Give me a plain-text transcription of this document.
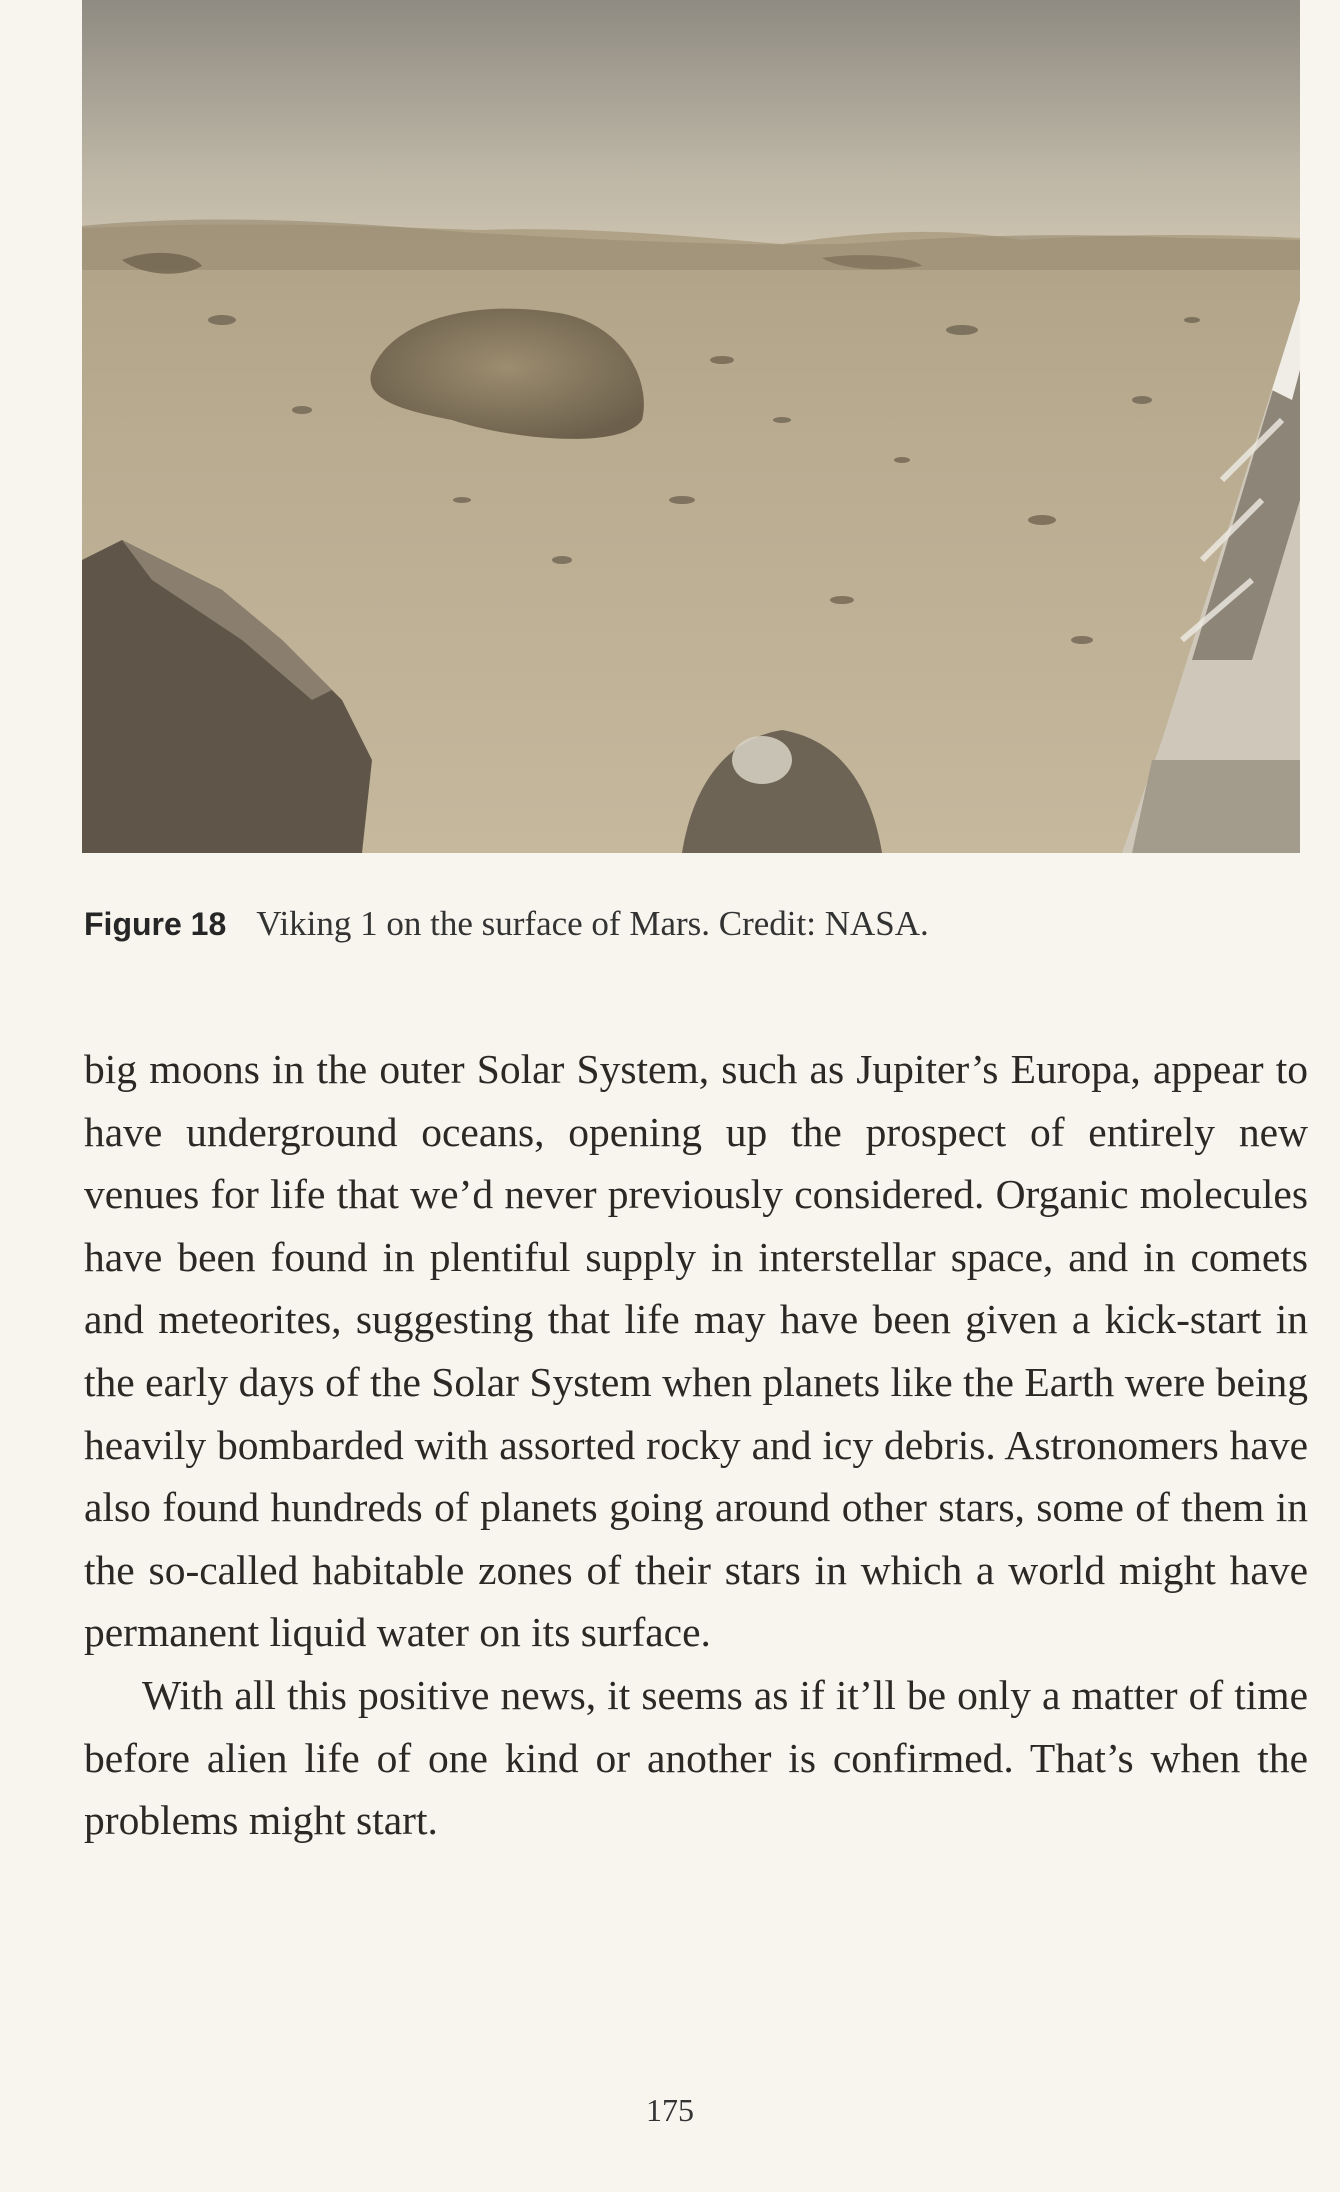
Figure 18 Viking 1 on the surface of Mars. Credit: NASA.

big moons in the outer Solar System, such as Jupiter’s Europa, appear to have underground oceans, opening up the prospect of entirely new venues for life that we’d never previously considered. Organic molecules have been found in plentiful supply in interstellar space, and in comets and meteorites, suggesting that life may have been given a kick-start in the early days of the Solar System when planets like the Earth were being heavily bombarded with assorted rocky and icy debris. Astronomers have also found hundreds of planets going around other stars, some of them in the so-called habitable zones of their stars in which a world might have permanent liquid water on its surface.

With all this positive news, it seems as if it’ll be only a matter of time before alien life of one kind or another is confirmed. That’s when the problems might start.

175
